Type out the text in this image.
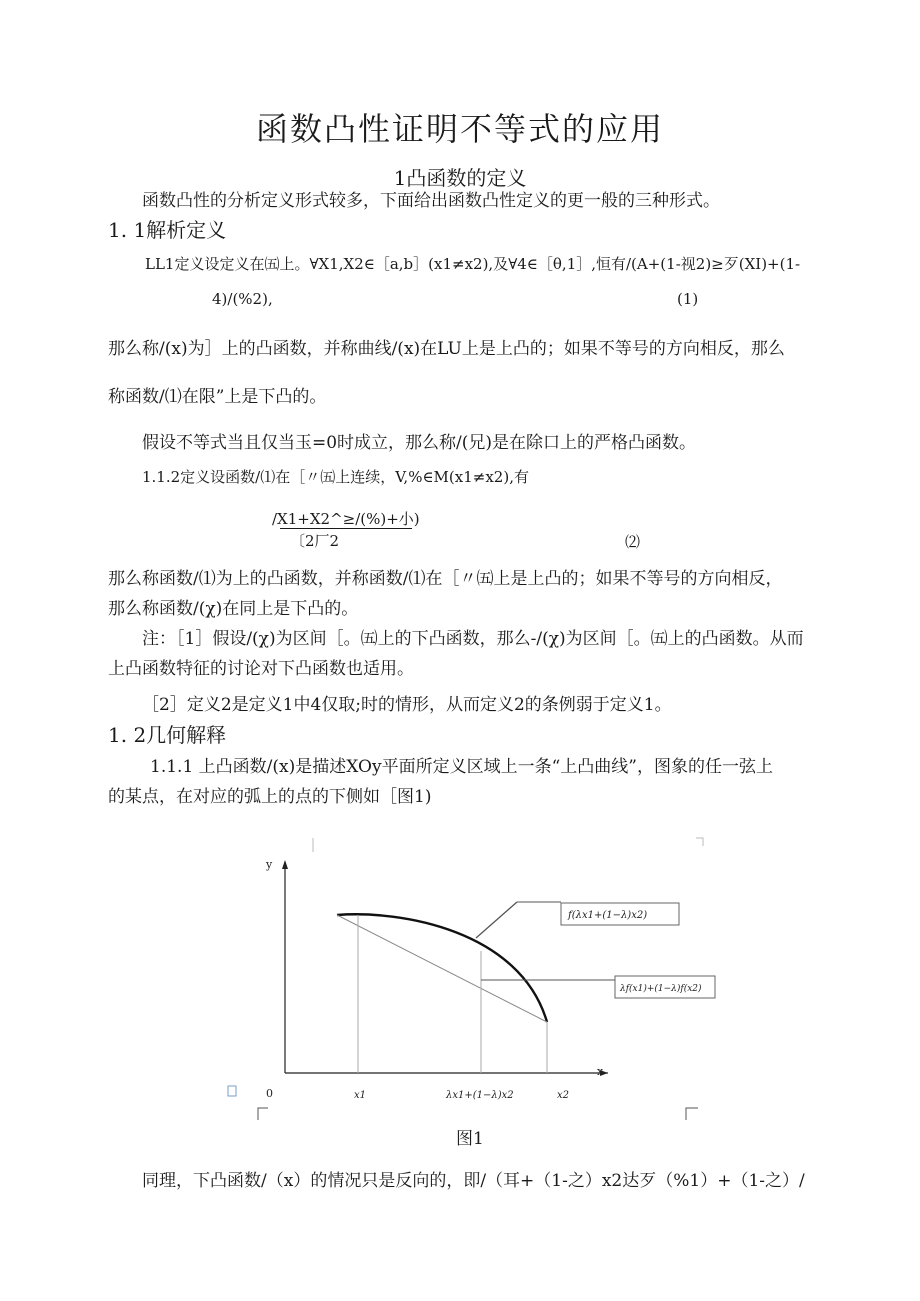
函数凸性证明不等式的应用
1凸函数的定义
函数凸性的分析定义形式较多，下面给出函数凸性定义的更一般的三种形式。
1. 1解析定义
LL1定义设定义在㈤上。∀X1,X2∈［a,b］(x1≠x2),及∀4∈［θ,1］,恒有/(A+(1-视2)≥歹(XI)+(1-
4)/(%2),	(1)
那么称/(x)为］上的凸函数，并称曲线/(x)在LU上是上凸的；如果不等号的方向相反，那么
称函数/⑴在限”上是下凸的。
假设不等式当且仅当玉=0时成立，那么称/(兄)是在除口上的严格凸函数。
1.1.2定义设函数/⑴在［〃㈤上连续，V,%∈M(x1≠x2),有
/X1+X2^≥/(%)+小)
〔2厂2	⑵
那么称函数/⑴为上的凸函数，并称函数/⑴在［〃㈤上是上凸的；如果不等号的方向相反，
那么称函数/(χ)在同上是下凸的。
注：［1］假设/(χ)为区间［。㈤上的下凸函数，那么-/(χ)为区间［。㈤上的凸函数。从而
上凸函数特征的讨论对下凸函数也适用。
［2］定义2是定义1中4仅取;时的情形，从而定义2的条例弱于定义1。
1. 2几何解释
1.1.1 上凸函数/(x)是描述XOy平面所定义区域上一条“上凸曲线”，图象的任一弦上
的某点，在对应的弧上的点的下侧如［图1)
f(λx1+(1−λ)x2)
λf(x1)+(1−λ)f(x2)
y
x
0	x1	λx1+(1−λ)x2	x2
图1
同理，下凸函数/（x）的情况只是反向的，即/（耳+（1-之）x2达歹（%1）+（1-之）/
